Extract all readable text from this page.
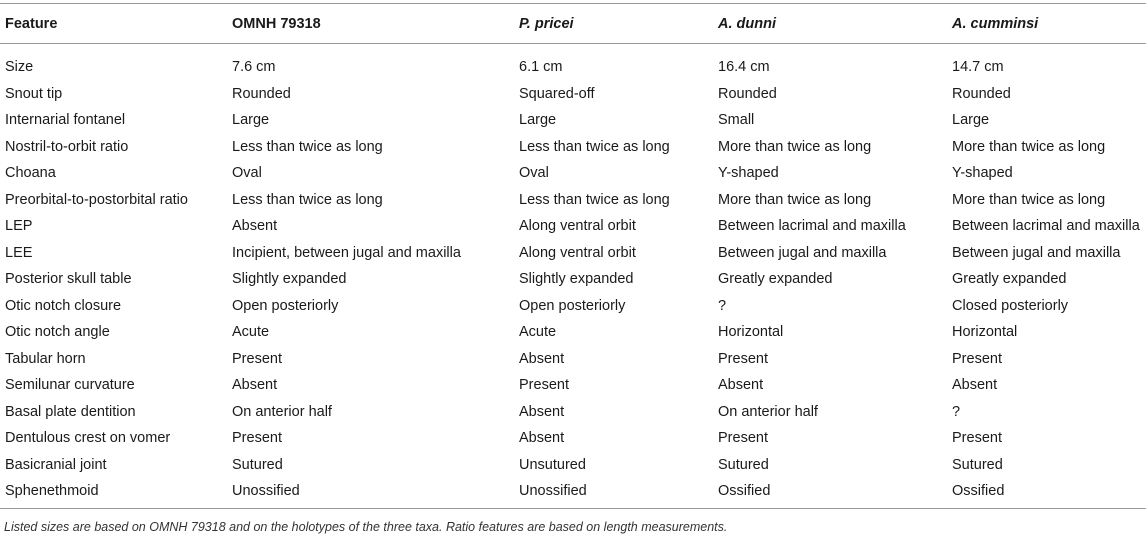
Feature	OMNH 79318	P. pricei	A. dunni	A. cumminsi
Size	7.6 cm	6.1 cm	16.4 cm	14.7 cm
Snout tip	Rounded	Squared-off	Rounded	Rounded
Internarial fontanel	Large	Large	Small	Large
Nostril-to-orbit ratio	Less than twice as long	Less than twice as long	More than twice as long	More than twice as long
Choana	Oval	Oval	Y-shaped	Y-shaped
Preorbital-to-postorbital ratio	Less than twice as long	Less than twice as long	More than twice as long	More than twice as long
LEP	Absent	Along ventral orbit	Between lacrimal and maxilla	Between lacrimal and maxilla
LEE	Incipient, between jugal and maxilla	Along ventral orbit	Between jugal and maxilla	Between jugal and maxilla
Posterior skull table	Slightly expanded	Slightly expanded	Greatly expanded	Greatly expanded
Otic notch closure	Open posteriorly	Open posteriorly	?	Closed posteriorly
Otic notch angle	Acute	Acute	Horizontal	Horizontal
Tabular horn	Present	Absent	Present	Present
Semilunar curvature	Absent	Present	Absent	Absent
Basal plate dentition	On anterior half	Absent	On anterior half	?
Dentulous crest on vomer	Present	Absent	Present	Present
Basicranial joint	Sutured	Unsutured	Sutured	Sutured
Sphenethmoid	Unossified	Unossified	Ossified	Ossified
Listed sizes are based on OMNH 79318 and on the holotypes of the three taxa. Ratio features are based on length measurements.
